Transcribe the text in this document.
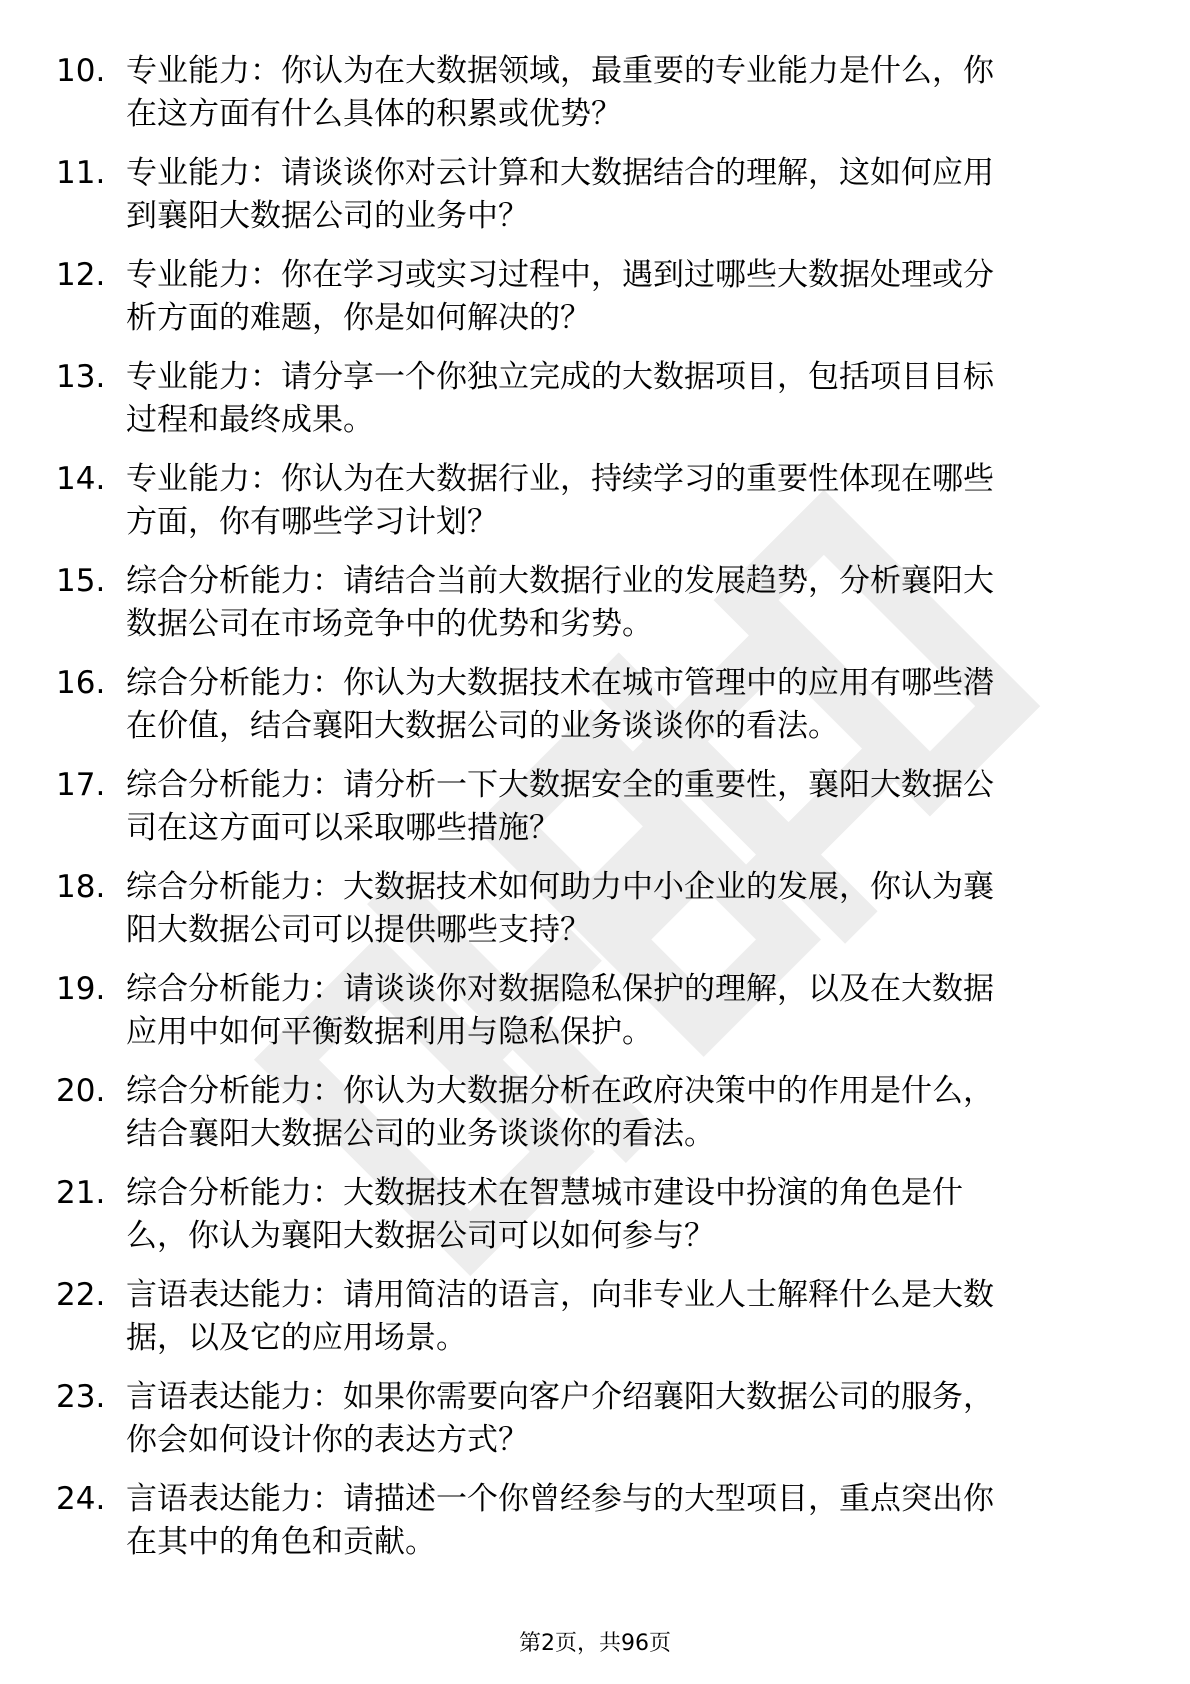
10. 专业能力：你认为在大数据领域，最重要的专业能力是什么，你
在这方面有什么具体的积累或优势？
11. 专业能力：请谈谈你对云计算和大数据结合的理解，这如何应用
到襄阳大数据公司的业务中？
12. 专业能力：你在学习或实习过程中，遇到过哪些大数据处理或分
析方面的难题，你是如何解决的？
13. 专业能力：请分享一个你独立完成的大数据项目，包括项目目标
过程和最终成果。
14. 专业能力：你认为在大数据行业，持续学习的重要性体现在哪些
方面，你有哪些学习计划？
15. 综合分析能力：请结合当前大数据行业的发展趋势，分析襄阳大
数据公司在市场竞争中的优势和劣势。
16. 综合分析能力：你认为大数据技术在城市管理中的应用有哪些潜
在价值，结合襄阳大数据公司的业务谈谈你的看法。
17. 综合分析能力：请分析一下大数据安全的重要性，襄阳大数据公
司在这方面可以采取哪些措施？
18. 综合分析能力：大数据技术如何助力中小企业的发展，你认为襄
阳大数据公司可以提供哪些支持？
19. 综合分析能力：请谈谈你对数据隐私保护的理解，以及在大数据
应用中如何平衡数据利用与隐私保护。
20. 综合分析能力：你认为大数据分析在政府决策中的作用是什么，
结合襄阳大数据公司的业务谈谈你的看法。
21. 综合分析能力：大数据技术在智慧城市建设中扮演的角色是什
么，你认为襄阳大数据公司可以如何参与？
22. 言语表达能力：请用简洁的语言，向非专业人士解释什么是大数
据，以及它的应用场景。
23. 言语表达能力：如果你需要向客户介绍襄阳大数据公司的服务，
你会如何设计你的表达方式？
24. 言语表达能力：请描述一个你曾经参与的大型项目，重点突出你
在其中的角色和贡献。
第2页，共96页
